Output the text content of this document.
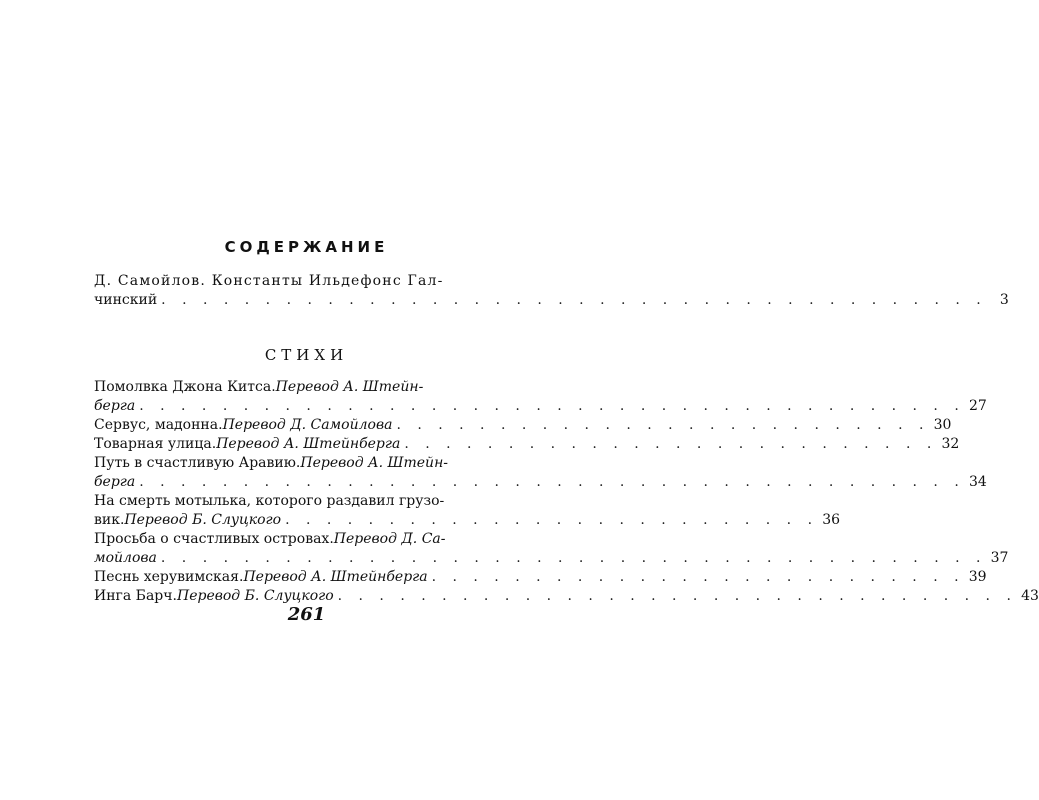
СОДЕРЖАНИЕ
Д. Самойлов. Константы Ильдефонс Гал-
чинский . . . . . . . . . . . . . . . . . . . . . . . . . . . . . . . . . . . . . . . . 3
СТИХИ
Помолвка Джона Китса. Перевод А. Штейн-
берга . . . . . . . . . . . . . . . . . . . . . . . . . . . . . . . . . . . . . . . . 27
Сервус, мадонна. Перевод Д. Самойлова . . . . . . . . . . . . . . . . . . . . . . . . . . 30
Товарная улица. Перевод А. Штейнберга . . . . . . . . . . . . . . . . . . . . . . . . . . 32
Путь в счастливую Аравию. Перевод А. Штейн-
берга . . . . . . . . . . . . . . . . . . . . . . . . . . . . . . . . . . . . . . . . 34
На смерть мотылька, которого раздавил грузо-
вик. Перевод Б. Слуцкого . . . . . . . . . . . . . . . . . . . . . . . . . . 36
Просьба о счастливых островах. Перевод Д. Са-
мойлова . . . . . . . . . . . . . . . . . . . . . . . . . . . . . . . . . . . . . . . . 37
Песнь херувимская. Перевод А. Штейнберга . . . . . . . . . . . . . . . . . . . . . . . . . . 39
Инга Барч. Перевод Б. Слуцкого . . . . . . . . . . . . . . . . . . . . . . . . . . . . . . . . . 43
261
